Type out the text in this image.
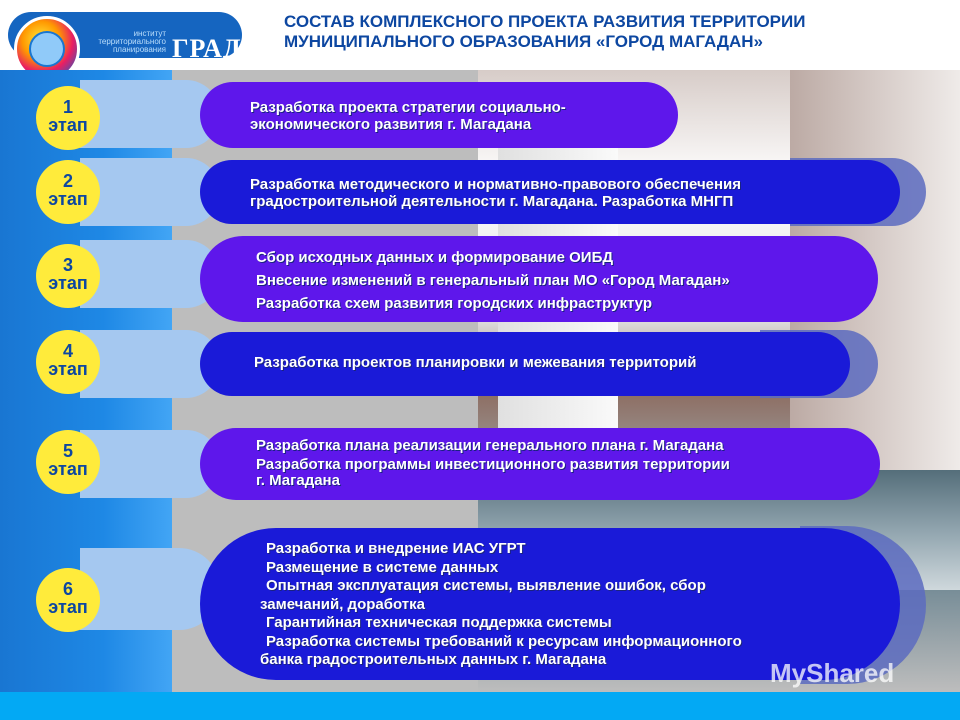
институт
территориального
планирования ГРАД
СОСТАВ КОМПЛЕКСНОГО ПРОЕКТА РАЗВИТИЯ ТЕРРИТОРИИ
МУНИЦИПАЛЬНОГО ОБРАЗОВАНИЯ «ГОРОД МАГАДАН»
Разработка проекта стратегии социально-
экономического развития г. Магадана
1
этап
Разработка методического и нормативно-правового обеспечения
градостроительной деятельности г. Магадана. Разработка МНГП
2
этап
Сбор исходных данных и формирование ОИБД
Внесение изменений в генеральный план МО «Город Магадан»
Разработка схем развития городских инфраструктур
3
этап
Разработка проектов планировки и межевания территорий
4
этап
Разработка плана реализации генерального плана г. Магадана
Разработка программы инвестиционного развития территории
г. Магадана
5
этап
Разработка и внедрение ИАС УГРТ
Размещение в системе данных
Опытная эксплуатация системы, выявление ошибок, сбор
замечаний, доработка
Гарантийная техническая поддержка системы
Разработка системы требований к ресурсам информационного
банка градостроительных данных г. Магадана
6
этап
MyShared
